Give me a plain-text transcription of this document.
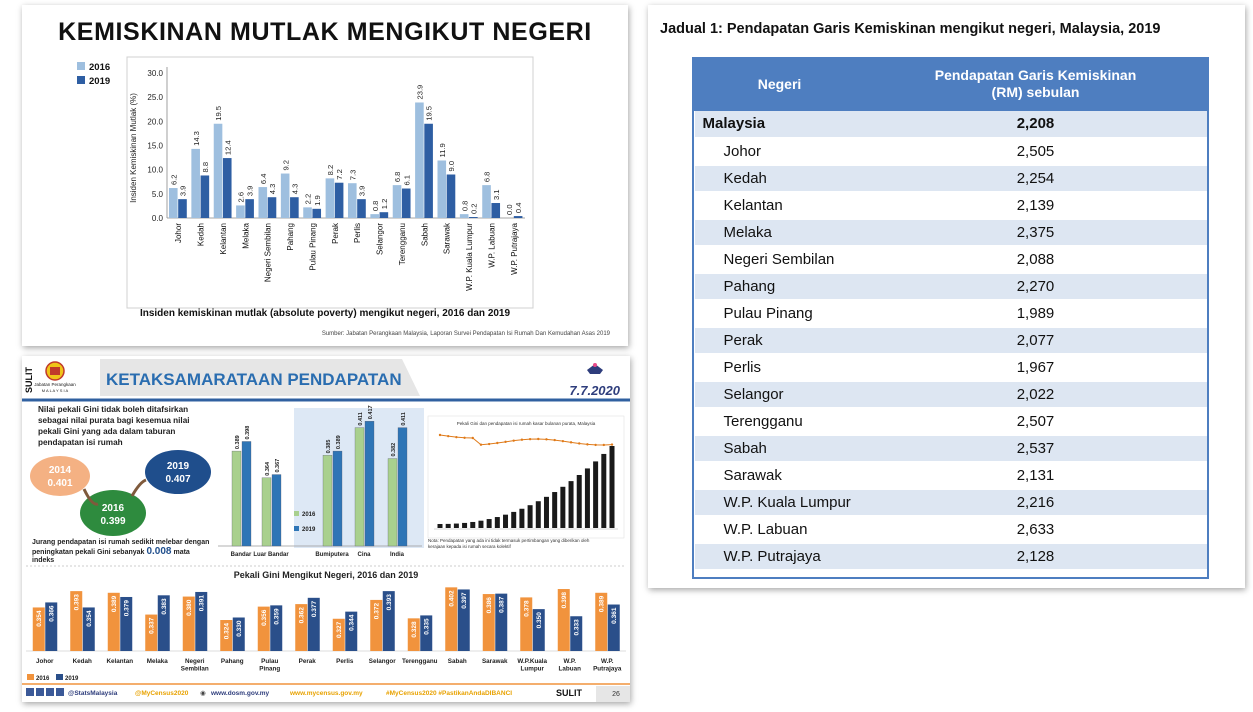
KEMISKINAN MUTLAK MENGIKUT NEGERI
2016
2019
Insiden Kemiskinan Mutlak (%)
0.0
5.0
10.0
15.0
20.0
25.0
30.0
6.2
3.9
Johor
14.3
8.8
Kedah
19.5
12.4
Kelantan
2.6
3.9
Melaka
6.4
4.3
Negeri Sembilan
9.2
4.3
Pahang
2.2 1.9
Pulau Pinang
8.2 7.2
Perak
7.3
3.9
Perlis
0.8 1.2
Selangor
6.8 6.1
Terengganu
23.9
19.5
Sabah
11.9
9.0
Sarawak
0.8 0.2
W.P. Kuala Lumpur
6.8
3.1
W.P. Labuan
0.0 0.4
W.P. Putrajaya
Insiden kemiskinan mutlak (absolute poverty) mengikut negeri, 2016 dan 2019
Sumber: Jabatan Perangkaan Malaysia, Laporan Survei Pendapatan Isi Rumah Dan Kemudahan Asas 2019
SULIT Jabatan Perangkaan
M A L A Y S I A
KETAKSAMARATAAN PENDAPATAN
7.7.2020
Nilai pekali Gini tidak boleh ditafsirkan
sebagai nilai purata bagi kesemua nilai
pekali Gini yang ada dalam taburan
pendapatan isi rumah
2014
0.401
2016
0.399
2019
0.407
Jurang pendapatan isi rumah sedikit melebar dengan
peningkatan pekali Gini sebanyak 0.008 mata
indeks
0.389
0.398
Bandar
0.364 0.367
Luar Bandar
0.385 0.389
Bumiputera
0.411 0.417
Cina
0.382
0.411
India
2016
2019
Pekali Gini dan pendapatan isi rumah kasar bulanan purata, Malaysia
Nota: Pendapatan yang ada ini tidak termasuk pertimbangan yang diberikan oleh
kerajaan kepada isi rumah secara kolektif
Pekali Gini Mengikut Negeri, 2016 dan 2019
0.354 0.366
Johor
0.393
0.354
Kedah
0.389 0.379
Kelantan
0.337
0.383
Melaka
0.380 0.391
Negeri
Sembilan
0.324 0.330
Pahang
0.356 0.359
Pulau
Pinang
0.362 0.377
Perak
0.327 0.344
Perlis
0.372
0.393
Selangor
0.328 0.335
Terengganu
0.402 0.397
Sabah
0.386 0.387
Sarawak
0.378
0.350
W.P.Kuala
Lumpur
0.398
0.333
W.P.
Labuan
0.389
0.361
W.P.
Putrajaya
2016	2019
@StatsMalaysia	@MyCensus2020 ◉ www.dosm.gov.my	www.mycensus.gov.my	#MyCensus2020 #PastikanAndaDIBANCI	SULIT	26
Jadual 1: Pendapatan Garis Kemiskinan mengikut negeri, Malaysia, 2019
Negeri	Pendapatan Garis Kemiskinan
(RM) sebulan
Malaysia	2,208
Johor	2,505
Kedah	2,254
Kelantan	2,139
Melaka	2,375
Negeri Sembilan	2,088
Pahang	2,270
Pulau Pinang	1,989
Perak	2,077
Perlis	1,967
Selangor	2,022
Terengganu	2,507
Sabah	2,537
Sarawak	2,131
W.P. Kuala Lumpur	2,216
W.P. Labuan	2,633
W.P. Putrajaya	2,128
